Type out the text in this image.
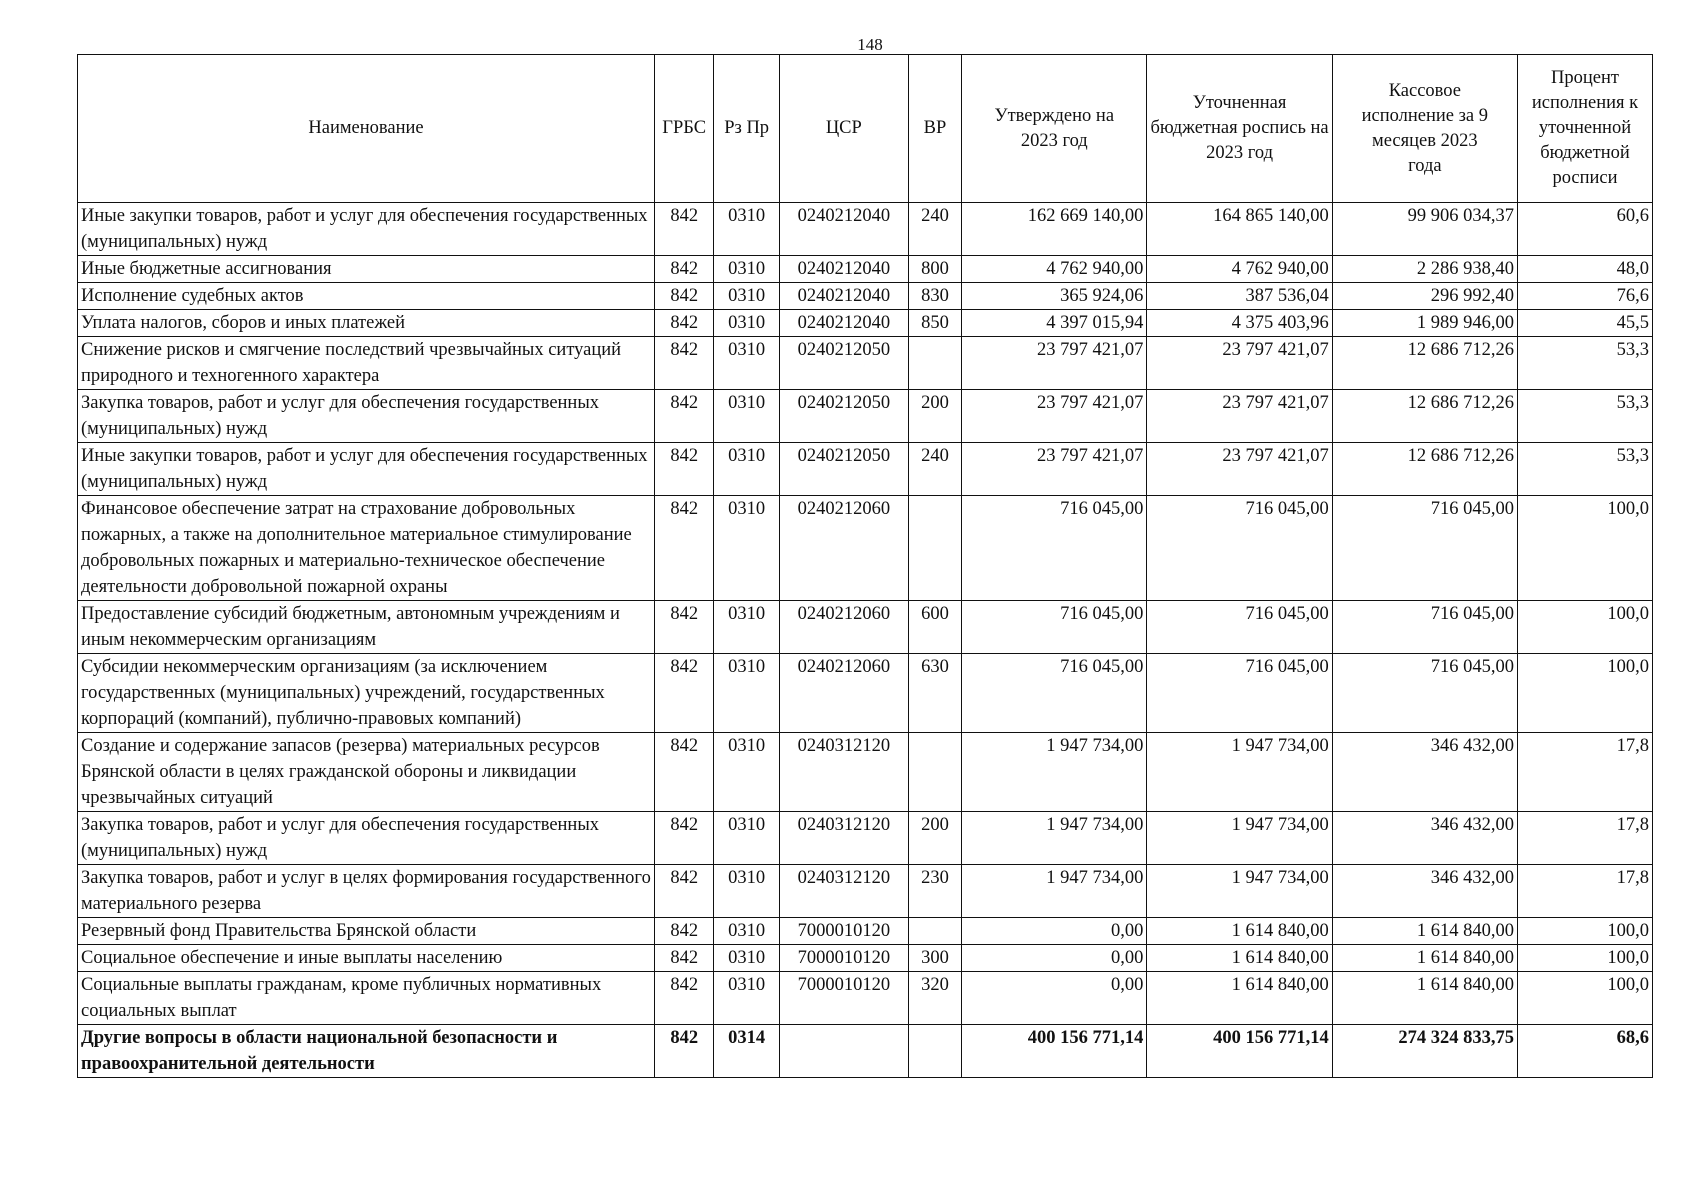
148
Наименование	ГРБС	Рз Пр	ЦСР	ВР	Утверждено на 2023 год	Уточненная бюджетная роспись на 2023 год	Кассовое исполнение за 9 месяцев 2023 года	Процент исполнения к уточненной бюджетной росписи
Иные закупки товаров, работ и услуг для обеспечения государственных (муниципальных) нужд	842	0310	0240212040	240	162 669 140,00	164 865 140,00	99 906 034,37	60,6
Иные бюджетные ассигнования	842	0310	0240212040	800	4 762 940,00	4 762 940,00	2 286 938,40	48,0
Исполнение судебных актов	842	0310	0240212040	830	365 924,06	387 536,04	296 992,40	76,6
Уплата налогов, сборов и иных платежей	842	0310	0240212040	850	4 397 015,94	4 375 403,96	1 989 946,00	45,5
Снижение рисков и смягчение последствий чрезвычайных ситуаций природного и техногенного характера	842	0310	0240212050		23 797 421,07	23 797 421,07	12 686 712,26	53,3
Закупка товаров, работ и услуг для обеспечения государственных (муниципальных) нужд	842	0310	0240212050	200	23 797 421,07	23 797 421,07	12 686 712,26	53,3
Иные закупки товаров, работ и услуг для обеспечения государственных (муниципальных) нужд	842	0310	0240212050	240	23 797 421,07	23 797 421,07	12 686 712,26	53,3
Финансовое обеспечение затрат на страхование добровольных пожарных, а также на дополнительное материальное стимулирование добровольных пожарных и материально-техническое обеспечение деятельности добровольной пожарной охраны	842	0310	0240212060		716 045,00	716 045,00	716 045,00	100,0
Предоставление субсидий бюджетным, автономным учреждениям и иным некоммерческим организациям	842	0310	0240212060	600	716 045,00	716 045,00	716 045,00	100,0
Субсидии некоммерческим организациям (за исключением государственных (муниципальных) учреждений, государственных корпораций (компаний), публично-правовых компаний)	842	0310	0240212060	630	716 045,00	716 045,00	716 045,00	100,0
Создание и содержание запасов (резерва) материальных ресурсов Брянской области в целях гражданской обороны и ликвидации чрезвычайных ситуаций	842	0310	0240312120		1 947 734,00	1 947 734,00	346 432,00	17,8
Закупка товаров, работ и услуг для обеспечения государственных (муниципальных) нужд	842	0310	0240312120	200	1 947 734,00	1 947 734,00	346 432,00	17,8
Закупка товаров, работ и услуг в целях формирования государственного материального резерва	842	0310	0240312120	230	1 947 734,00	1 947 734,00	346 432,00	17,8
Резервный фонд Правительства Брянской области	842	0310	7000010120		0,00	1 614 840,00	1 614 840,00	100,0
Социальное обеспечение и иные выплаты населению	842	0310	7000010120	300	0,00	1 614 840,00	1 614 840,00	100,0
Социальные выплаты гражданам, кроме публичных нормативных социальных выплат	842	0310	7000010120	320	0,00	1 614 840,00	1 614 840,00	100,0
Другие вопросы в области национальной безопасности и правоохранительной деятельности	842	0314			400 156 771,14	400 156 771,14	274 324 833,75	68,6
